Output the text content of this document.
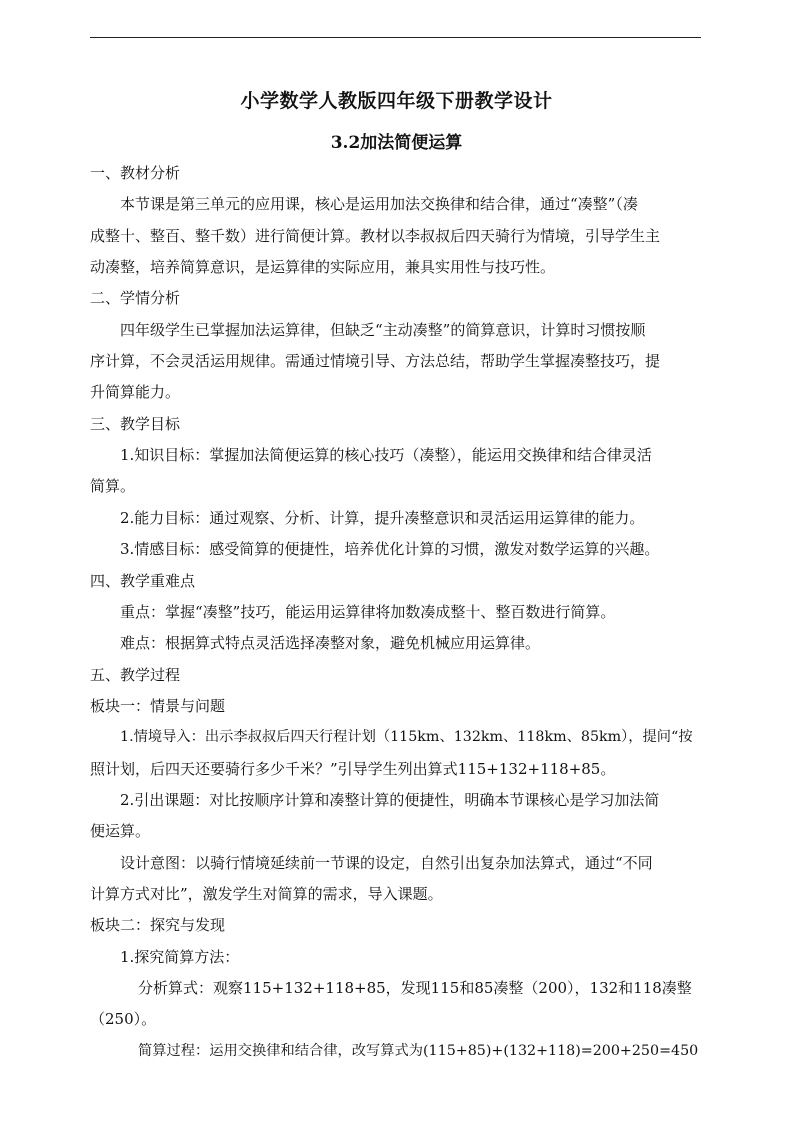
小学数学人教版四年级下册教学设计
3.2加法简便运算
一、教材分析
本节课是第三单元的应用课，核心是运用加法交换律和结合律，通过“凑整”（凑
成整十、整百、整千数）进行简便计算。教材以李叔叔后四天骑行为情境，引导学生主
动凑整，培养简算意识，是运算律的实际应用，兼具实用性与技巧性。
二、学情分析
四年级学生已掌握加法运算律，但缺乏“主动凑整”的简算意识，计算时习惯按顺
序计算，不会灵活运用规律。需通过情境引导、方法总结，帮助学生掌握凑整技巧，提
升简算能力。
三、教学目标
1.知识目标：掌握加法简便运算的核心技巧（凑整），能运用交换律和结合律灵活
简算。
2.能力目标：通过观察、分析、计算，提升凑整意识和灵活运用运算律的能力。
3.情感目标：感受简算的便捷性，培养优化计算的习惯，激发对数学运算的兴趣。
四、教学重难点
重点：掌握“凑整”技巧，能运用运算律将加数凑成整十、整百数进行简算。
难点：根据算式特点灵活选择凑整对象，避免机械应用运算律。
五、教学过程
板块一：情景与问题
1.情境导入：出示李叔叔后四天行程计划（115km、132km、118km、85km），提问“按
照计划，后四天还要骑行多少千米？”引导学生列出算式115+132+118+85。
2.引出课题：对比按顺序计算和凑整计算的便捷性，明确本节课核心是学习加法简
便运算。
设计意图：以骑行情境延续前一节课的设定，自然引出复杂加法算式，通过“不同
计算方式对比”，激发学生对简算的需求，导入课题。
板块二：探究与发现
1.探究简算方法：
分析算式：观察115+132+118+85，发现115和85凑整（200），132和118凑整
（250）。
简算过程：运用交换律和结合律，改写算式为(115+85)+(132+118)=200+250=450
